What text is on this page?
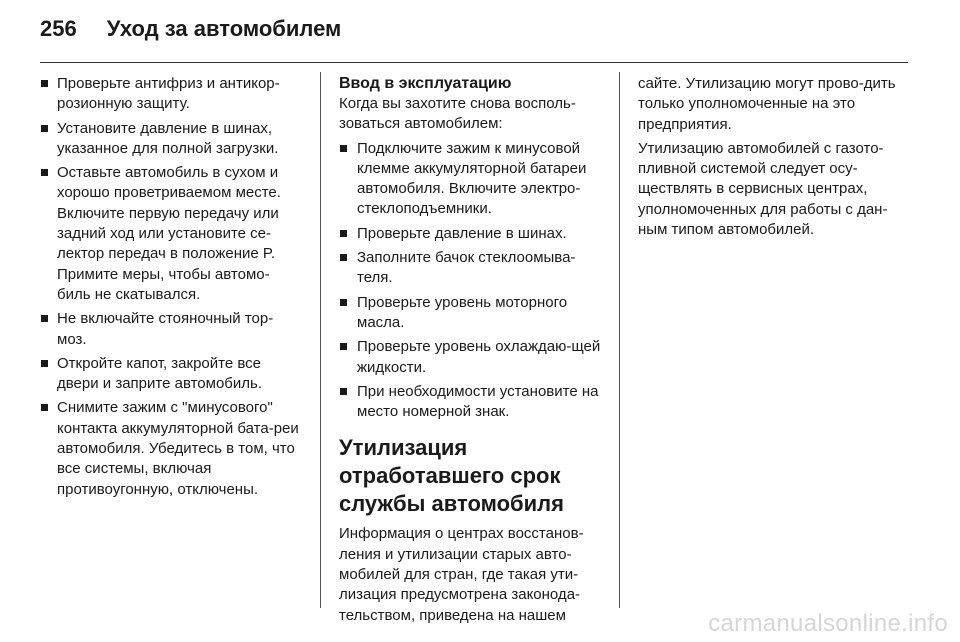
256 Уход за автомобилем
Проверьте антифриз и антикор-розионную защиту.
Установите давление в шинах, указанное для полной загрузки.
Оставьте автомобиль в сухом и хорошо проветриваемом месте. Включите первую передачу или задний ход или установите се-лектор передач в положение P. Примите меры, чтобы автомо-биль не скатывался.
Не включайте стояночный тор-моз.
Откройте капот, закройте все двери и заприте автомобиль.
Снимите зажим с "минусового" контакта аккумуляторной бата-реи автомобиля. Убедитесь в том, что все системы, включая противоугонную, отключены.
Ввод в эксплуатацию

Когда вы захотите снова восполь-зоваться автомобилем:

Подключите зажим к минусовой клемме аккумуляторной батареи автомобиля. Включите электро-стеклоподъемники.
Проверьте давление в шинах.
Заполните бачок стеклоомыва-теля.
Проверьте уровень моторного масла.
Проверьте уровень охлаждаю-щей жидкости.
При необходимости установите на место номерной знак.
Утилизация
отработавшего срок
службы автомобиля

Информация о центрах восстанов-ления и утилизации старых авто-мобилей для стран, где такая ути-лизация предусмотрена законода-тельством, приведена на нашем

сайте. Утилизацию могут прово-дить только уполномоченные на это предприятия.

Утилизацию автомобилей с газото-пливной системой следует осу-ществлять в сервисных центрах, уполномоченных для работы с дан-ным типом автомобилей.

carmanualsonline.info
